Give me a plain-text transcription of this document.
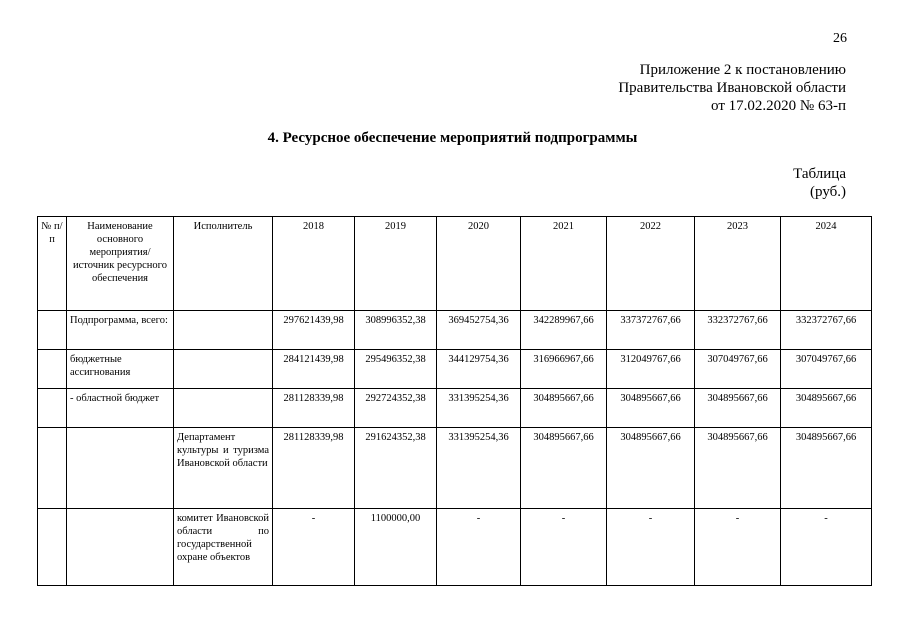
26
Приложение 2 к постановлению
Правительства Ивановской области
от 17.02.2020 № 63-п
4. Ресурсное обеспечение мероприятий подпрограммы
Таблица
(руб.)
№ п/п	Наименование основного мероприятия/ источник ресурсного обеспечения	Исполнитель	2018	2019	2020	2021	2022	2023	2024
	Подпрограмма, всего:		297621439,98	308996352,38	369452754,36	342289967,66	337372767,66	332372767,66	332372767,66
	бюджетные ассигнования		284121439,98	295496352,38	344129754,36	316966967,66	312049767,66	307049767,66	307049767,66
	- областной бюджет		281128339,98	292724352,38	331395254,36	304895667,66	304895667,66	304895667,66	304895667,66
		Департамент культуры и туризма Ивановской области	281128339,98	291624352,38	331395254,36	304895667,66	304895667,66	304895667,66	304895667,66
		комитет Ивановской области по государственной охране объектов	-	1100000,00	-	-	-	-	-
